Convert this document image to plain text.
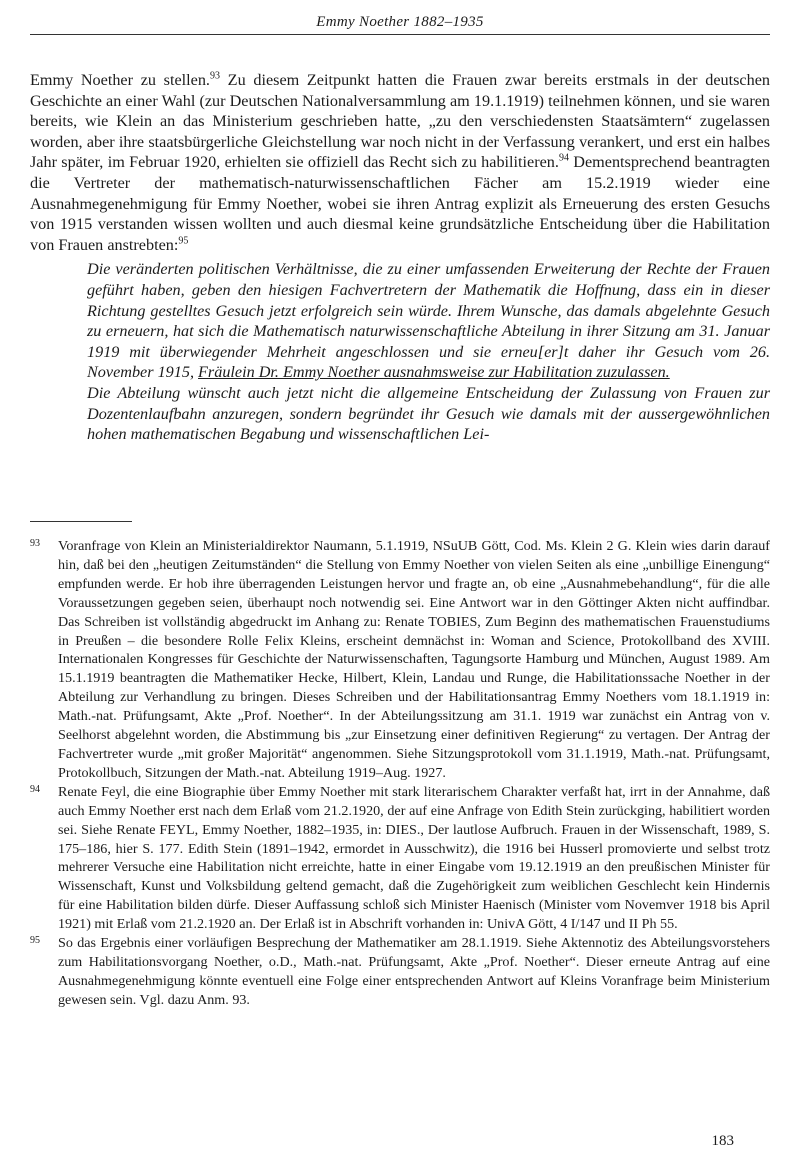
Emmy Noether 1882–1935

Emmy Noether zu stellen.$^{93}$ Zu diesem Zeitpunkt hatten die Frauen zwar bereits erstmals in der deutschen Geschichte an einer Wahl (zur Deutschen Nationalversammlung am 19.1.1919) teilnehmen können, und sie waren bereits, wie Klein an das Ministerium geschrieben hatte, „zu den verschiedensten Staatsämtern“ zugelassen worden, aber ihre staatsbürgerliche Gleichstellung war noch nicht in der Verfassung verankert, und erst ein halbes Jahr später, im Februar 1920, erhielten sie offiziell das Recht sich zu habilitieren.$^{94}$ Dementsprechend beantragten die Vertreter der mathematisch-naturwissenschaftlichen Fächer am 15.2.1919 wieder eine Ausnahmegenehmigung für Emmy Noether, wobei sie ihren Antrag explizit als Erneuerung des ersten Gesuchs von 1915 verstanden wissen wollten und auch diesmal keine grundsätzliche Entscheidung über die Habilitation von Frauen anstrebten:$^{95}$

Die veränderten politischen Verhältnisse, die zu einer umfassenden Erweiterung der Rechte der Frauen geführt haben, geben den hiesigen Fachvertretern der Mathematik die Hoffnung, dass ein in dieser Richtung gestelltes Gesuch jetzt erfolgreich sein würde. Ihrem Wunsche, das damals abgelehnte Gesuch zu erneuern, hat sich die Mathematisch naturwissenschaftliche Abteilung in ihrer Sitzung am 31. Januar 1919 mit überwiegender Mehrheit angeschlossen und sie erneu[er]t daher ihr Gesuch vom 26. November 1915, Fräulein Dr. Emmy Noether ausnahmsweise zur Habilitation zuzulassen.

Die Abteilung wünscht auch jetzt nicht die allgemeine Entscheidung der Zulassung von Frauen zur Dozentenlaufbahn anzuregen, sondern begründet ihr Gesuch wie damals mit der aussergewöhnlichen hohen mathematischen Begabung und wissenschaftlichen Lei-

93 Voranfrage von Klein an Ministerialdirektor Naumann, 5.1.1919, NSuUB Gött, Cod. Ms. Klein 2 G. Klein wies darin darauf hin, daß bei den „heutigen Zeitumständen“ die Stellung von Emmy Noether von vielen Seiten als eine „unbillige Einengung“ empfunden werde. Er hob ihre überragenden Leistungen hervor und fragte an, ob eine „Ausnahmebehandlung“, für die alle Voraussetzungen gegeben seien, überhaupt noch notwendig sei. Eine Antwort war in den Göttinger Akten nicht auffindbar. Das Schreiben ist vollständig abgedruckt im Anhang zu: Renate TOBIES, Zum Beginn des mathematischen Frauenstudiums in Preußen – die besondere Rolle Felix Kleins, erscheint demnächst in: Woman and Science, Protokollband des XVIII. Internationalen Kongresses für Geschichte der Naturwissenschaften, Tagungsorte Hamburg und München, August 1989. Am 15.1.1919 beantragten die Mathematiker Hecke, Hilbert, Klein, Landau und Runge, die Habilitationssache Noether in der Abteilung zur Verhandlung zu bringen. Dieses Schreiben und der Habilitationsantrag Emmy Noethers vom 18.1.1919 in: Math.-nat. Prüfungsamt, Akte „Prof. Noether“. In der Abteilungssitzung am 31.1. 1919 war zunächst ein Antrag von v. Seelhorst abgelehnt worden, die Abstimmung bis „zur Einsetzung einer definitiven Regierung“ zu vertagen. Der Antrag der Fachvertreter wurde „mit großer Majorität“ angenommen. Siehe Sitzungsprotokoll vom 31.1.1919, Math.-nat. Prüfungsamt, Protokollbuch, Sitzungen der Math.-nat. Abteilung 1919–Aug. 1927.

94 Renate Feyl, die eine Biographie über Emmy Noether mit stark literarischem Charakter verfaßt hat, irrt in der Annahme, daß auch Emmy Noether erst nach dem Erlaß vom 21.2.1920, der auf eine Anfrage von Edith Stein zurückging, habilitiert worden sei. Siehe Renate FEYL, Emmy Noether, 1882–1935, in: DIES., Der lautlose Aufbruch. Frauen in der Wissenschaft, 1989, S. 175–186, hier S. 177. Edith Stein (1891–1942, ermordet in Ausschwitz), die 1916 bei Husserl promovierte und selbst trotz mehrerer Versuche eine Habilitation nicht erreichte, hatte in einer Eingabe vom 19.12.1919 an den preußischen Minister für Wissenschaft, Kunst und Volksbildung geltend gemacht, daß die Zugehörigkeit zum weiblichen Geschlecht kein Hindernis für eine Habilitation bilden dürfe. Dieser Auffassung schloß sich Minister Haenisch (Minister vom Novemver 1918 bis April 1921) mit Erlaß vom 21.2.1920 an. Der Erlaß ist in Abschrift vorhanden in: UnivA Gött, 4 I/147 und II Ph 55.

95 So das Ergebnis einer vorläufigen Besprechung der Mathematiker am 28.1.1919. Siehe Aktennotiz des Abteilungsvorstehers zum Habilitationsvorgang Noether, o.D., Math.-nat. Prüfungsamt, Akte „Prof. Noether“. Dieser erneute Antrag auf eine Ausnahmegenehmigung könnte eventuell eine Folge einer entsprechenden Antwort auf Kleins Voranfrage beim Ministerium gewesen sein. Vgl. dazu Anm. 93.

183
